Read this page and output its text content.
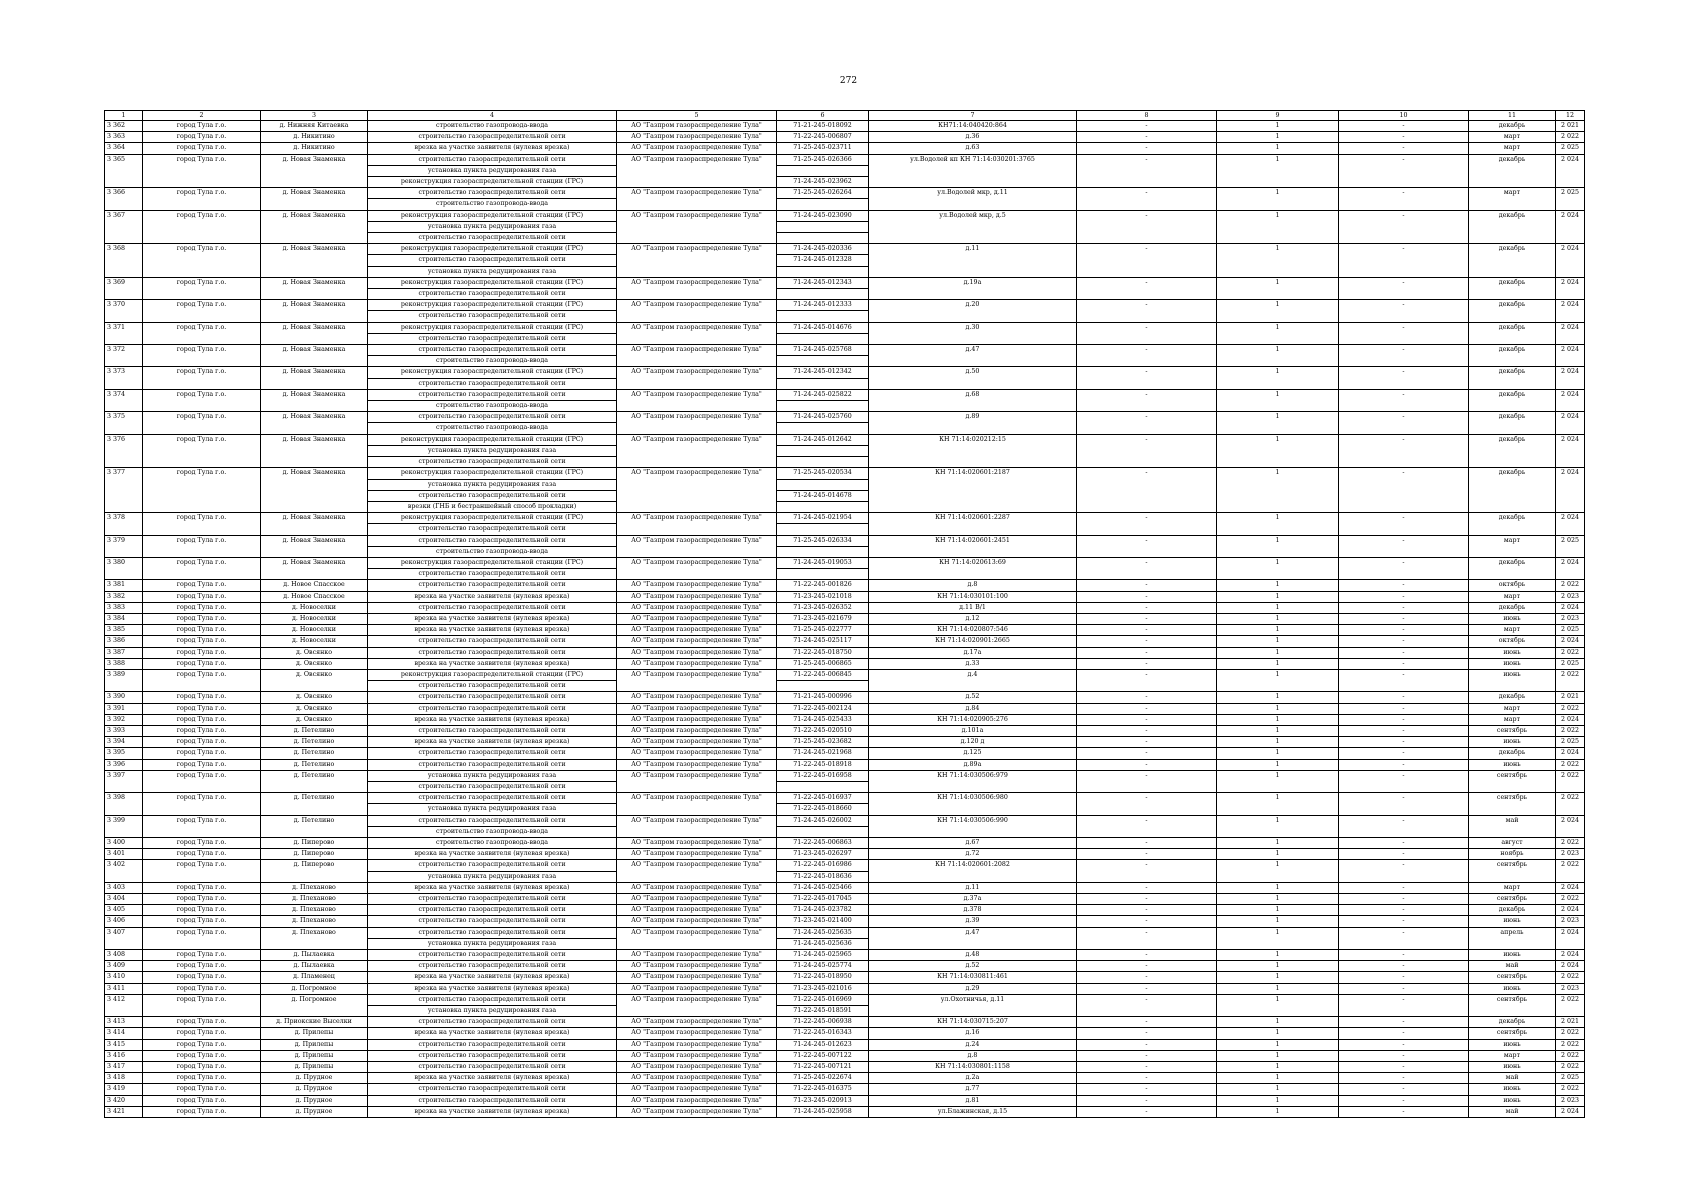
272
1	2	3	4	5	6	7	8	9	10	11	12
3 362	город Тула г.о.	д. Нижняя Китаевка	строительство газопровода-ввода	АО "Газпром газораспределение Тула"	71-21-245-018092	КН71:14:040420:864	-	1	-	декабрь	2 021
3 363	город Тула г.о.	д. Никитино	строительство газораспределительной сети	АО "Газпром газораспределение Тула"	71-22-245-006807	д.36	-	1	-	март	2 022
3 364	город Тула г.о.	д. Никитино	врезка на участке заявителя (нулевая врезка)	АО "Газпром газораспределение Тула"	71-25-245-023711	д.63	-	1	-	март	2 025
3 365	город Тула г.о.	д. Новая Знаменка	строительство газораспределительной сети	АО "Газпром газораспределение Тула"	71-25-245-026366	ул.Водолей кп КН 71:14:030201:3765	-	1	-	декабрь	2 024
			установка пункта редуцирования газа								
			реконструкция газораспределительной станции (ГРС)		71-24-245-023962						
3 366	город Тула г.о.	д. Новая Знаменка	строительство газораспределительной сети	АО "Газпром газораспределение Тула"	71-25-245-026264	ул.Водолей мкр, д.11	-	1	-	март	2 025
			строительство газопровода-ввода								
3 367	город Тула г.о.	д. Новая Знаменка	реконструкция газораспределительной станции (ГРС)	АО "Газпром газораспределение Тула"	71-24-245-023090	ул.Водолей мкр, д.5	-	1	-	декабрь	2 024
			установка пункта редуцирования газа								
			строительство газораспределительной сети								
3 368	город Тула г.о.	д. Новая Знаменка	реконструкция газораспределительной станции (ГРС)	АО "Газпром газораспределение Тула"	71-24-245-020336	д.11	-	1	-	декабрь	2 024
			строительство газораспределительной сети		71-24-245-012328						
			установка пункта редуцирования газа								
3 369	город Тула г.о.	д. Новая Знаменка	реконструкция газораспределительной станции (ГРС)	АО "Газпром газораспределение Тула"	71-24-245-012343	д.19а	-	1	-	декабрь	2 024
			строительство газораспределительной сети								
3 370	город Тула г.о.	д. Новая Знаменка	реконструкция газораспределительной станции (ГРС)	АО "Газпром газораспределение Тула"	71-24-245-012333	д.20	-	1	-	декабрь	2 024
			строительство газораспределительной сети								
3 371	город Тула г.о.	д. Новая Знаменка	реконструкция газораспределительной станции (ГРС)	АО "Газпром газораспределение Тула"	71-24-245-014676	д.30	-	1	-	декабрь	2 024
			строительство газораспределительной сети								
3 372	город Тула г.о.	д. Новая Знаменка	строительство газораспределительной сети	АО "Газпром газораспределение Тула"	71-24-245-025768	д.47	-	1	-	декабрь	2 024
			строительство газопровода-ввода								
3 373	город Тула г.о.	д. Новая Знаменка	реконструкция газораспределительной станции (ГРС)	АО "Газпром газораспределение Тула"	71-24-245-012342	д.50	-	1	-	декабрь	2 024
			строительство газораспределительной сети								
3 374	город Тула г.о.	д. Новая Знаменка	строительство газораспределительной сети	АО "Газпром газораспределение Тула"	71-24-245-025822	д.68	-	1	-	декабрь	2 024
			строительство газопровода-ввода								
3 375	город Тула г.о.	д. Новая Знаменка	строительство газораспределительной сети	АО "Газпром газораспределение Тула"	71-24-245-025760	д.89	-	1	-	декабрь	2 024
			строительство газопровода-ввода								
3 376	город Тула г.о.	д. Новая Знаменка	реконструкция газораспределительной станции (ГРС)	АО "Газпром газораспределение Тула"	71-24-245-012642	КН 71:14:020212:15	-	1	-	декабрь	2 024
			установка пункта редуцирования газа								
			строительство газораспределительной сети								
3 377	город Тула г.о.	д. Новая Знаменка	реконструкция газораспределительной станции (ГРС)	АО "Газпром газораспределение Тула"	71-25-245-020534	КН 71:14:020601:2187	-	1	-	декабрь	2 024
			установка пункта редуцирования газа								
			строительство газораспределительной сети		71-24-245-014678						
			врезки (ГНБ и бестраншейный способ прокладки)								
3 378	город Тула г.о.	д. Новая Знаменка	реконструкция газораспределительной станции (ГРС)	АО "Газпром газораспределение Тула"	71-24-245-021954	КН 71:14:020601:2287	-	1	-	декабрь	2 024
			строительство газораспределительной сети								
3 379	город Тула г.о.	д. Новая Знаменка	строительство газораспределительной сети	АО "Газпром газораспределение Тула"	71-25-245-026334	КН 71:14:020601:2451	-	1	-	март	2 025
			строительство газопровода-ввода								
3 380	город Тула г.о.	д. Новая Знаменка	реконструкция газораспределительной станции (ГРС)	АО "Газпром газораспределение Тула"	71-24-245-019053	КН 71:14:020613:69	-	1	-	декабрь	2 024
			строительство газораспределительной сети								
3 381	город Тула г.о.	д. Новое Спасское	строительство газораспределительной сети	АО "Газпром газораспределение Тула"	71-22-245-001826	д.8	-	1	-	октябрь	2 022
3 382	город Тула г.о.	д. Новое Спасское	врезка на участке заявителя (нулевая врезка)	АО "Газпром газораспределение Тула"	71-23-245-021018	КН 71:14:030101:100	-	1	-	март	2 023
3 383	город Тула г.о.	д. Новоселки	строительство газораспределительной сети	АО "Газпром газораспределение Тула"	71-23-245-026352	д.11 В/1	-	1	-	декабрь	2 024
3 384	город Тула г.о.	д. Новоселки	врезка на участке заявителя (нулевая врезка)	АО "Газпром газораспределение Тула"	71-23-245-021679	д.12	-	1	-	июнь	2 023
3 385	город Тула г.о.	д. Новоселки	врезка на участке заявителя (нулевая врезка)	АО "Газпром газораспределение Тула"	71-25-245-022777	КН 71:14:020807:546	-	1	-	март	2 025
3 386	город Тула г.о.	д. Новоселки	строительство газораспределительной сети	АО "Газпром газораспределение Тула"	71-24-245-025117	КН 71:14:020901:2665	-	1	-	октябрь	2 024
3 387	город Тула г.о.	д. Овсянко	строительство газораспределительной сети	АО "Газпром газораспределение Тула"	71-22-245-018750	д.17а	-	1	-	июнь	2 022
3 388	город Тула г.о.	д. Овсянко	врезка на участке заявителя (нулевая врезка)	АО "Газпром газораспределение Тула"	71-25-245-006865	д.33	-	1	-	июнь	2 025
3 389	город Тула г.о.	д. Овсянко	реконструкция газораспределительной станции (ГРС)	АО "Газпром газораспределение Тула"	71-22-245-006845	д.4	-	1	-	июнь	2 022
			строительство газораспределительной сети								
3 390	город Тула г.о.	д. Овсянко	строительство газораспределительной сети	АО "Газпром газораспределение Тула"	71-21-245-000996	д.52	-	1	-	декабрь	2 021
3 391	город Тула г.о.	д. Овсянко	строительство газораспределительной сети	АО "Газпром газораспределение Тула"	71-22-245-002124	д.84	-	1	-	март	2 022
3 392	город Тула г.о.	д. Овсянко	врезка на участке заявителя (нулевая врезка)	АО "Газпром газораспределение Тула"	71-24-245-025433	КН 71:14:020905:276	-	1	-	март	2 024
3 393	город Тула г.о.	д. Петелино	строительство газораспределительной сети	АО "Газпром газораспределение Тула"	71-22-245-020510	д.101а	-	1	-	сентябрь	2 022
3 394	город Тула г.о.	д. Петелино	врезка на участке заявителя (нулевая врезка)	АО "Газпром газораспределение Тула"	71-25-245-023682	д.120 д	-	1	-	июнь	2 025
3 395	город Тула г.о.	д. Петелино	строительство газораспределительной сети	АО "Газпром газораспределение Тула"	71-24-245-021968	д.125	-	1	-	декабрь	2 024
3 396	город Тула г.о.	д. Петелино	строительство газораспределительной сети	АО "Газпром газораспределение Тула"	71-22-245-018918	д.89а	-	1	-	июнь	2 022
3 397	город Тула г.о.	д. Петелино	установка пункта редуцирования газа	АО "Газпром газораспределение Тула"	71-22-245-016958	КН 71:14:030506:979	-	1	-	сентябрь	2 022
			строительство газораспределительной сети								
3 398	город Тула г.о.	д. Петелино	строительство газораспределительной сети	АО "Газпром газораспределение Тула"	71-22-245-016937	КН 71:14:030506:980	-	1	-	сентябрь	2 022
			установка пункта редуцирования газа		71-22-245-018660						
3 399	город Тула г.о.	д. Петелино	строительство газораспределительной сети	АО "Газпром газораспределение Тула"	71-24-245-026002	КН 71:14:030506:990	-	1	-	май	2 024
			строительство газопровода-ввода								
3 400	город Тула г.о.	д. Пиперово	строительство газопровода-ввода	АО "Газпром газораспределение Тула"	71-22-245-006863	д.67	-	1	-	август	2 022
3 401	город Тула г.о.	д. Пиперово	врезка на участке заявителя (нулевая врезка)	АО "Газпром газораспределение Тула"	71-23-245-026297	д.72	-	1	-	ноябрь	2 023
3 402	город Тула г.о.	д. Пиперово	строительство газораспределительной сети	АО "Газпром газораспределение Тула"	71-22-245-016986	КН 71:14:020601:2082	-	1	-	сентябрь	2 022
			установка пункта редуцирования газа		71-22-245-018636						
3 403	город Тула г.о.	д. Плеханово	врезка на участке заявителя (нулевая врезка)	АО "Газпром газораспределение Тула"	71-24-245-025466	д.11	-	1	-	март	2 024
3 404	город Тула г.о.	д. Плеханово	строительство газораспределительной сети	АО "Газпром газораспределение Тула"	71-22-245-017045	д.37а	-	1	-	сентябрь	2 022
3 405	город Тула г.о.	д. Плеханово	строительство газораспределительной сети	АО "Газпром газораспределение Тула"	71-24-245-023782	д.378	-	1	-	декабрь	2 024
3 406	город Тула г.о.	д. Плеханово	строительство газораспределительной сети	АО "Газпром газораспределение Тула"	71-23-245-021400	д.39	-	1	-	июнь	2 023
3 407	город Тула г.о.	д. Плеханово	строительство газораспределительной сети	АО "Газпром газораспределение Тула"	71-24-245-025635	д.47	-	1	-	апрель	2 024
			установка пункта редуцирования газа		71-24-245-025636						
3 408	город Тула г.о.	д. Пылаевка	строительство газораспределительной сети	АО "Газпром газораспределение Тула"	71-24-245-025965	д.48	-	1	-	июнь	2 024
3 409	город Тула г.о.	д. Пылаевка	строительство газораспределительной сети	АО "Газпром газораспределение Тула"	71-24-245-025774	д.52	-	1	-	май	2 024
3 410	город Тула г.о.	д. Пламенец	врезка на участке заявителя (нулевая врезка)	АО "Газпром газораспределение Тула"	71-22-245-018950	КН 71:14:030811:461	-	1	-	сентябрь	2 022
3 411	город Тула г.о.	д. Погромное	врезка на участке заявителя (нулевая врезка)	АО "Газпром газораспределение Тула"	71-23-245-021016	д.29	-	1	-	июнь	2 023
3 412	город Тула г.о.	д. Погромное	строительство газораспределительной сети	АО "Газпром газораспределение Тула"	71-22-245-016969	ул.Охотничья, д.11	-	1	-	сентябрь	2 022
			установка пункта редуцирования газа		71-22-245-018591						
3 413	город Тула г.о.	д. Приокские Выселки	строительство газораспределительной сети	АО "Газпром газораспределение Тула"	71-22-245-006938	КН 71:14:030715:207	-	1	-	декабрь	2 021
3 414	город Тула г.о.	д. Прилепы	врезка на участке заявителя (нулевая врезка)	АО "Газпром газораспределение Тула"	71-22-245-016343	д.16	-	1	-	сентябрь	2 022
3 415	город Тула г.о.	д. Прилепы	строительство газораспределительной сети	АО "Газпром газораспределение Тула"	71-24-245-012623	д.24	-	1	-	июнь	2 022
3 416	город Тула г.о.	д. Прилепы	строительство газораспределительной сети	АО "Газпром газораспределение Тула"	71-22-245-007122	д.8	-	1	-	март	2 022
3 417	город Тула г.о.	д. Прилепы	строительство газораспределительной сети	АО "Газпром газораспределение Тула"	71-22-245-007121	КН 71:14:030801:1158	-	1	-	июнь	2 022
3 418	город Тула г.о.	д. Прудное	врезка на участке заявителя (нулевая врезка)	АО "Газпром газораспределение Тула"	71-25-245-022674	д.2а	-	1	-	май	2 025
3 419	город Тула г.о.	д. Прудное	строительство газораспределительной сети	АО "Газпром газораспределение Тула"	71-22-245-016375	д.77	-	1	-	июнь	2 022
3 420	город Тула г.о.	д. Прудное	строительство газораспределительной сети	АО "Газпром газораспределение Тула"	71-23-245-020913	д.81	-	1	-	июнь	2 023
3 421	город Тула г.о.	д. Прудное	врезка на участке заявителя (нулевая врезка)	АО "Газпром газораспределение Тула"	71-24-245-025958	ул.Блажинская, д.15	-	1	-	май	2 024
